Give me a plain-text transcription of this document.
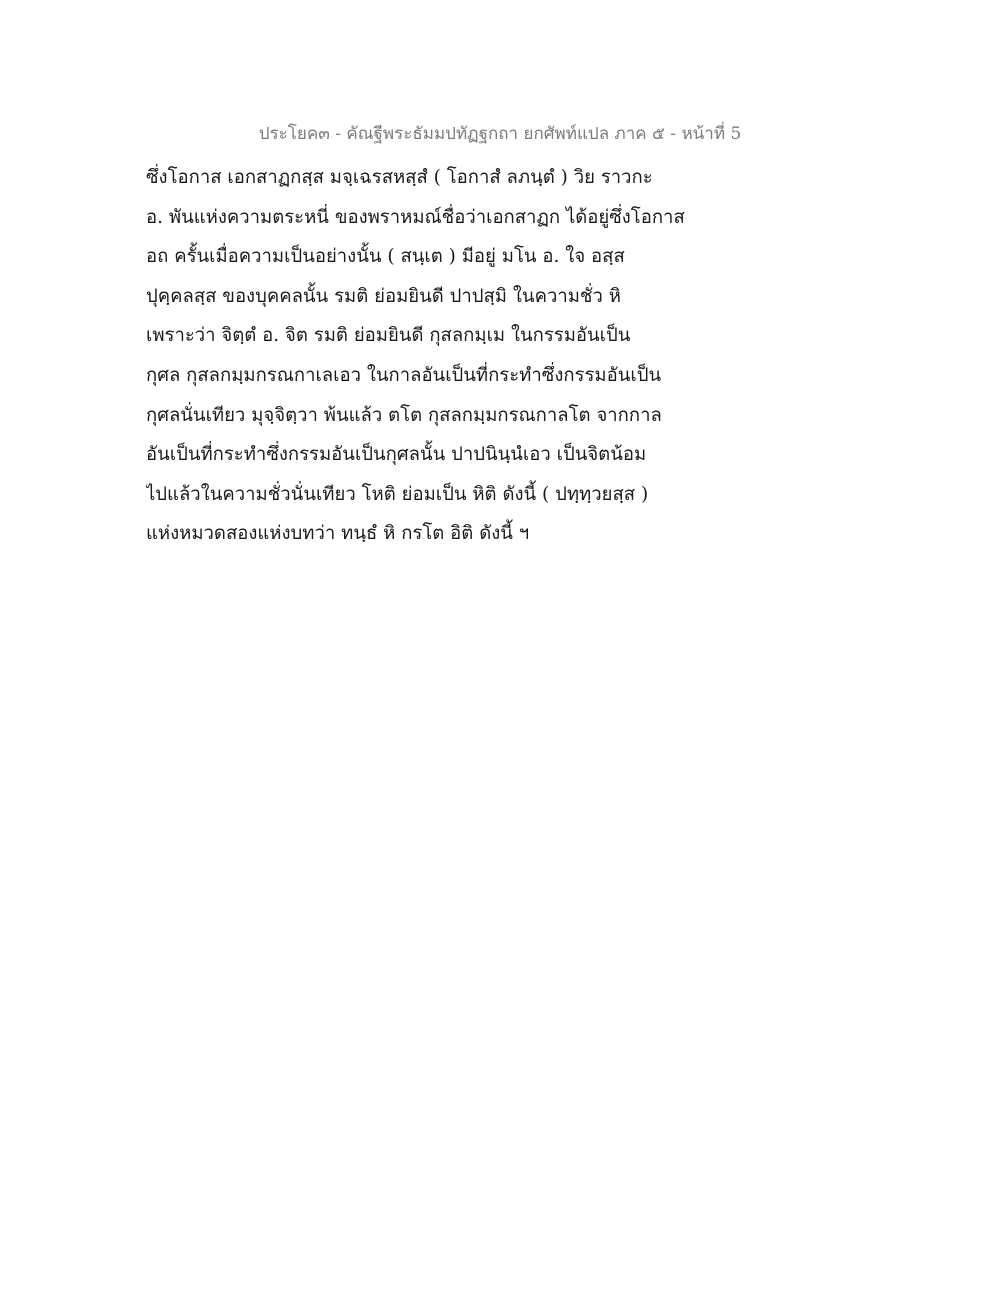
ประโยค๓ - คัณฐีพระธัมมปทัฏฐกถา ยกศัพท์แปล ภาค ๕ - หน้าที่ 5
ซึ่งโอกาส เอกสาฏกสฺส มจฺเฉรสหสฺสํ ( โอกาสํ ลภนฺตํ ) วิย ราวกะ
อ. พันแห่งความตระหนี่ ของพราหมณ์ชื่อว่าเอกสาฏก ได้อยู่ซึ่งโอกาส
อถ ครั้นเมื่อความเป็นอย่างนั้น ( สนฺเต ) มีอยู่ มโน อ. ใจ อสฺส
ปุคฺคลสฺส ของบุคคลนั้น รมติ ย่อมยินดี ปาปสฺมิ ในความชั่ว หิ
เพราะว่า จิตฺตํ อ. จิต รมติ ย่อมยินดี กุสลกมฺเม ในกรรมอันเป็น
กุศล กุสลกมฺมกรณกาเลเอว ในกาลอันเป็นที่กระทำซึ่งกรรมอันเป็น
กุศลนั่นเทียว มุจฺจิตฺวา พ้นแล้ว ตโต กุสลกมฺมกรณกาลโต จากกาล
อันเป็นที่กระทำซึ่งกรรมอันเป็นกุศลนั้น ปาปนินฺนํเอว เป็นจิตน้อม
ไปแล้วในความชั่วนั่นเทียว โหติ ย่อมเป็น หิติ ดังนี้ ( ปทฺทฺวยสฺส )
แห่งหมวดสองแห่งบทว่า ทนฺธํ หิ กรโต อิติ ดังนี้ ฯ
